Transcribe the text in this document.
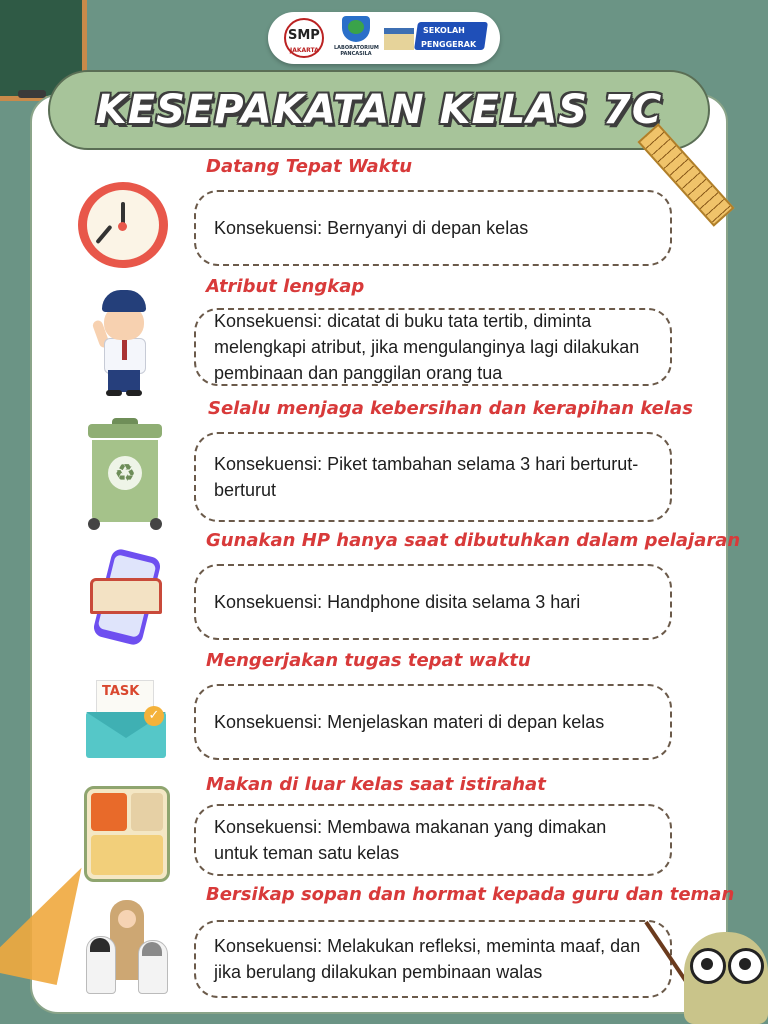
SMP
JAKARTA	LABORATORIUM PANCASILA
SEKOLAH
PENGGERAK
KESEPAKATAN KELAS 7C
Datang Tepat Waktu
Konsekuensi: Bernyanyi di depan kelas
Atribut lengkap
Konsekuensi: dicatat di buku tata tertib, diminta melengkapi atribut, jika mengulanginya lagi dilakukan pembinaan dan panggilan orang tua
Selalu menjaga kebersihan dan kerapihan kelas
♻	Konsekuensi: Piket tambahan selama 3 hari berturut-berturut
Gunakan HP hanya saat dibutuhkan dalam pelajaran
Konsekuensi: Handphone disita selama 3 hari
Mengerjakan tugas tepat waktu
TASK
✓	Konsekuensi: Menjelaskan materi di depan kelas
Makan di luar kelas saat istirahat
Konsekuensi: Membawa makanan yang dimakan untuk teman satu kelas
Bersikap sopan dan hormat kepada guru dan teman
Konsekuensi: Melakukan refleksi, meminta maaf, dan jika berulang dilakukan pembinaan walas
